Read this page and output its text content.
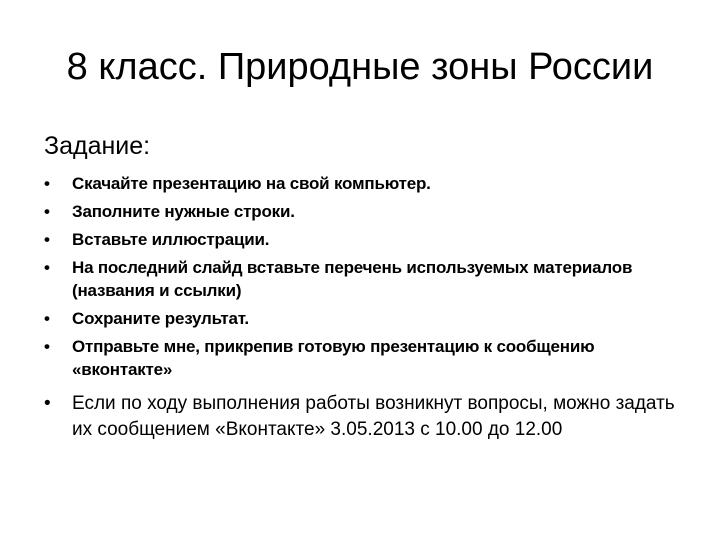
8 класс. Природные зоны России
Задание:
•	Скачайте презентацию на свой компьютер.
•	Заполните нужные строки.
•	Вставьте иллюстрации.
•	На последний слайд вставьте перечень используемых материалов (названия и ссылки)
•	Сохраните результат.
•	Отправьте мне, прикрепив готовую презентацию к сообщению «вконтакте»
•	Если по ходу выполнения работы возникнут вопросы, можно задать их сообщением «Вконтакте» 3.05.2013 с 10.00 до 12.00
